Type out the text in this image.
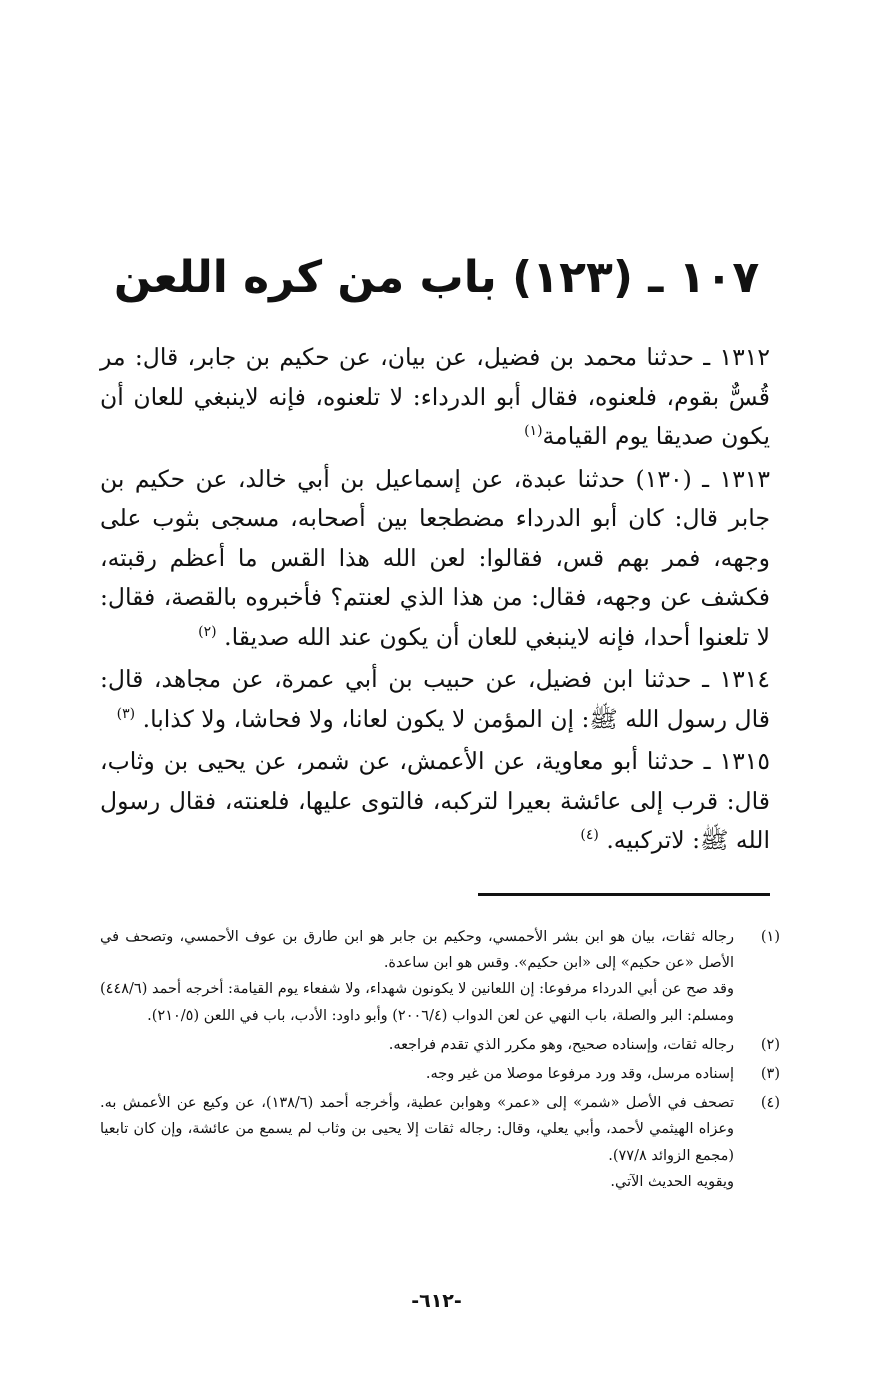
١٠٧ ـ (١٢٣) باب من كره اللعن

١٣١٢ ـ حدثنا محمد بن فضيل، عن بيان، عن حكيم بن جابر، قال: مر قُسٌّ بقوم، فلعنوه، فقال أبو الدرداء: لا تلعنوه، فإنه لاينبغي للعان أن يكون صديقا يوم القيامة$^{(١)}$

١٣١٣ ـ (١٣٠) حدثنا عبدة، عن إسماعيل بن أبي خالد، عن حكيم بن جابر قال: كان أبو الدرداء مضطجعا بين أصحابه، مسجى بثوب على وجهه، فمر بهم قس، فقالوا: لعن الله هذا القس ما أعظم رقبته، فكشف عن وجهه، فقال: من هذا الذي لعنتم؟ فأخبروه بالقصة، فقال: لا تلعنوا أحدا، فإنه لاينبغي للعان أن يكون عند الله صديقا. $^{(٢)}$

١٣١٤ ـ حدثنا ابن فضيل، عن حبيب بن أبي عمرة، عن مجاهد، قال: قال رسول الله ﷺ: إن المؤمن لا يكون لعانا، ولا فحاشا، ولا كذابا. $^{(٣)}$

١٣١٥ ـ حدثنا أبو معاوية، عن الأعمش، عن شمر، عن يحيى بن وثاب، قال: قرب إلى عائشة بعيرا لتركبه، فالتوى عليها، فلعنته، فقال رسول الله ﷺ: لاتركبيه. $^{(٤)}$

(١)
رجاله ثقات، بيان هو ابن بشر الأحمسي، وحكيم بن جابر هو ابن طارق بن عوف الأحمسي، وتصحف في الأصل «عن حكيم» إلى «ابن حكيم». وقس هو ابن ساعدة.
وقد صح عن أبي الدرداء مرفوعا: إن اللعانين لا يكونون شهداء، ولا شفعاء يوم القيامة: أخرجه أحمد (٤٤٨/٦) ومسلم: البر والصلة، باب النهي عن لعن الدواب (٢٠٠٦/٤) وأبو داود: الأدب، باب في اللعن (٢١٠/٥).
(٢)
رجاله ثقات، وإسناده صحيح، وهو مكرر الذي تقدم فراجعه.
(٣)
إسناده مرسل، وقد ورد مرفوعا موصلا من غير وجه.
(٤)
تصحف في الأصل «شمر» إلى «عمر» وهوابن عطية، وأخرجه أحمد (١٣٨/٦)، عن وكيع عن الأعمش به. وعزاه الهيثمي لأحمد، وأبي يعلي، وقال: رجاله ثقات إلا يحيى بن وثاب لم يسمع من عائشة، وإن كان تابعيا (مجمع الزوائد ٧٧/٨).
ويقويه الحديث الآتي.
-٦١٢-
